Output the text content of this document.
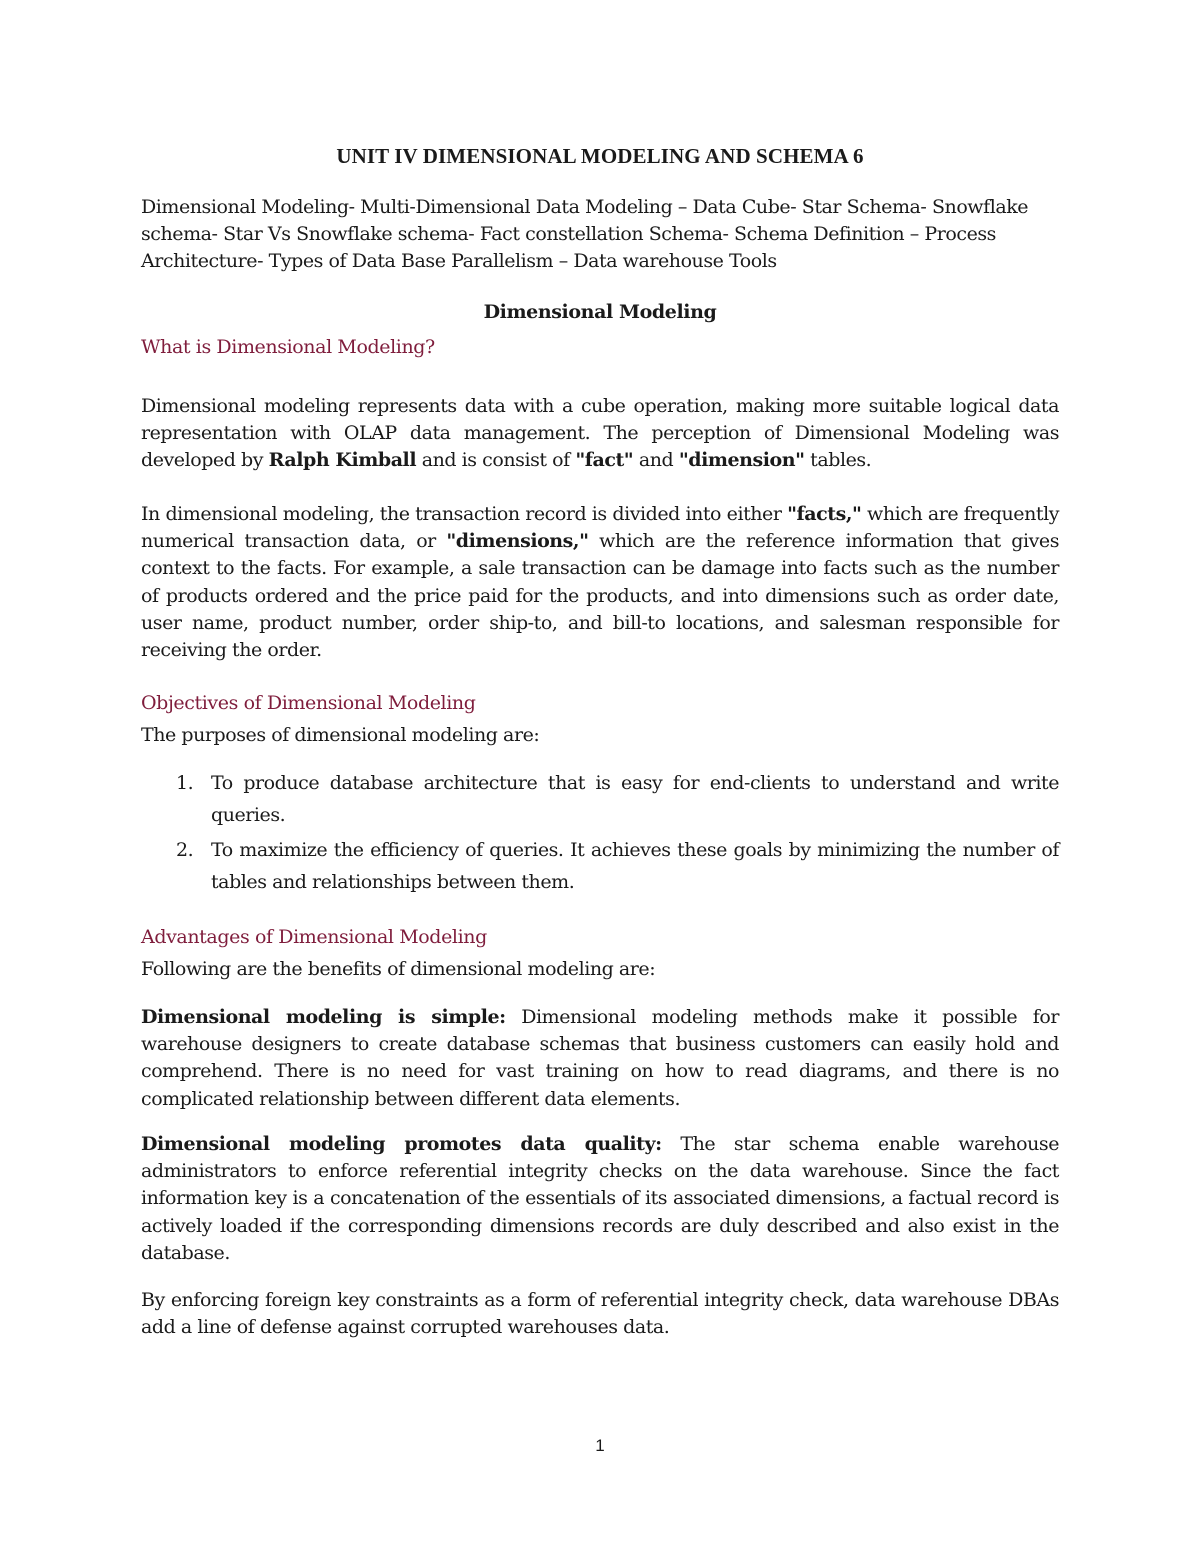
UNIT IV DIMENSIONAL MODELING AND SCHEMA 6

Dimensional Modeling- Multi-Dimensional Data Modeling – Data Cube- Star Schema- Snowflake schema- Star Vs Snowflake schema- Fact constellation Schema- Schema Definition – Process Architecture- Types of Data Base Parallelism – Data warehouse Tools

Dimensional Modeling
What is Dimensional Modeling?

Dimensional modeling represents data with a cube operation, making more suitable logical data representation with OLAP data management. The perception of Dimensional Modeling was developed by Ralph Kimball and is consist of "fact" and "dimension" tables.

In dimensional modeling, the transaction record is divided into either "facts," which are frequently numerical transaction data, or "dimensions," which are the reference information that gives context to the facts. For example, a sale transaction can be damage into facts such as the number of products ordered and the price paid for the products, and into dimensions such as order date, user name, product number, order ship-to, and bill-to locations, and salesman responsible for receiving the order.

Objectives of Dimensional Modeling

The purposes of dimensional modeling are:

1. To produce database architecture that is easy for end-clients to understand and write queries.
2. To maximize the efficiency of queries. It achieves these goals by minimizing the number of tables and relationships between them.
Advantages of Dimensional Modeling

Following are the benefits of dimensional modeling are:

Dimensional modeling is simple: Dimensional modeling methods make it possible for warehouse designers to create database schemas that business customers can easily hold and comprehend. There is no need for vast training on how to read diagrams, and there is no complicated relationship between different data elements.

Dimensional modeling promotes data quality: The star schema enable warehouse administrators to enforce referential integrity checks on the data warehouse. Since the fact information key is a concatenation of the essentials of its associated dimensions, a factual record is actively loaded if the corresponding dimensions records are duly described and also exist in the database.

By enforcing foreign key constraints as a form of referential integrity check, data warehouse DBAs add a line of defense against corrupted warehouses data.

1
